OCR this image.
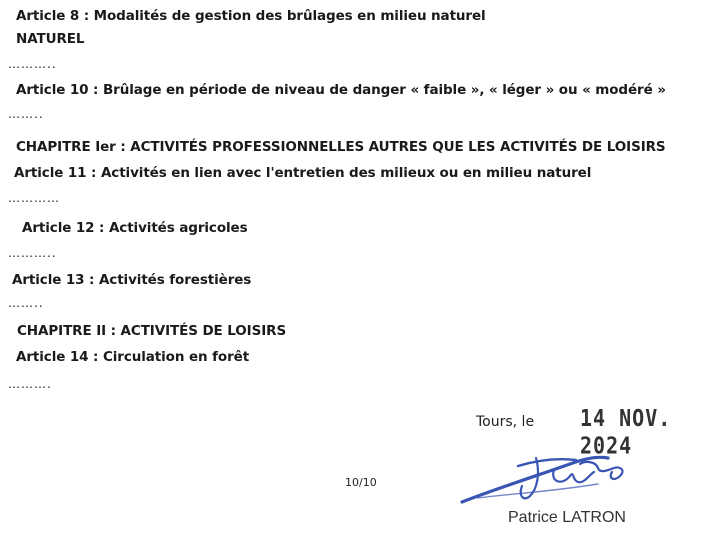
Article 8 : Modalités de gestion des brûlages en milieu naturel
NATUREL
………..
Article 10 : Brûlage en période de niveau de danger « faible », « léger » ou « modéré »
……..
CHAPITRE Ier : ACTIVITÉS PROFESSIONNELLES AUTRES QUE LES ACTIVITÉS DE LOISIRS
Article 11 : Activités en lien avec l'entretien des milieux ou en milieu naturel
…………
Article 12 : Activités agricoles
………..
Article 13 : Activités forestières
……..
CHAPITRE II : ACTIVITÉS DE LOISIRS
Article 14 : Circulation en forêt
……….
Tours, le 14 NOV. 2024
10/10
Patrice LATRON
